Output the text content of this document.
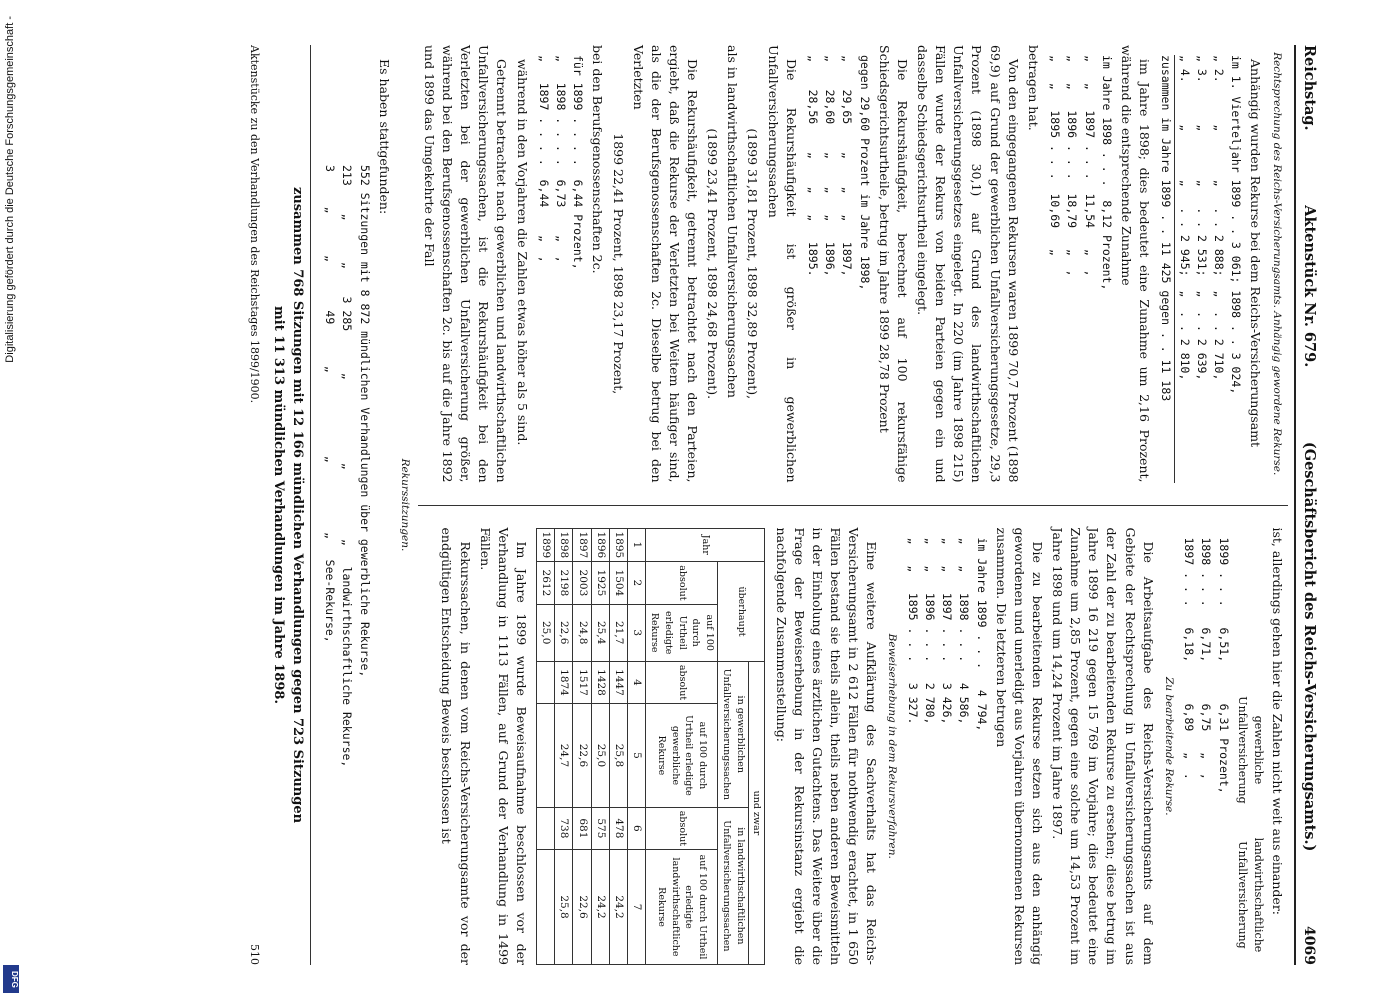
Digitalisierung gefördert durch die Deutsche Forschungsgemeinschaft -
DFG
Reichstag.
Aktenstück Nr. 679.
(Geschäftsbericht des Reichs-Versicherungsamts.)
4069

Rechtsprechung des Reichs-Versicherungsamts. Anhängig gewordene Rekurse.

Anhängig wurden Rekurse bei dem Reichs-Versicherungsamt

im 1. Vierteljahr 1899 . . 3 061; 1898 . . 3 024,
„ 2.      „       „   . . 2 888;  „  . . 2 710,
„ 3.      „       „   . . 2 531;  „  . . 2 639,
„ 4.      „       „   . . 2 945;  „  . . 2 810,
zusammen im Jahre 1899 . . 11 425 gegen . . 11 183

im Jahre 1898; dies bedeutet eine Zunahme um 2,16 Prozent, während die entsprechende Zunahme

im Jahre 1898 . . .  8,12 Prozent,
„   „   1897 . . .  11,54   „  ,
„   „   1896 . . .  18,79   „  ,
„   „   1895 . . .  10,69   „

betragen hat.

Von den eingegangenen Rekursen waren 1899 70,7 Prozent (1898 69,9) auf Grund der gewerblichen Unfallversicherungsgesetze, 29,3 Prozent (1898 30,1) auf Grund des landwirthschaftlichen Unfallversicherungsgesetzes eingelegt. In 220 (im Jahre 1898 215) Fällen wurde der Rekurs von beiden Parteien gegen ein und dasselbe Schiedsgerichtsurtheil eingelegt.

Die Rekurshäufigkeit, berechnet auf 100 rekursfähige Schiedsgerichtsurtheile, betrug im Jahre 1899 28,78 Prozent

gegen 29,60 Prozent im Jahre 1898,
„    29,65    „    „   „   1897,
„    28,60    „    „   „   1896,
„    28,56    „    „   „   1895.

Die Rekurshäufigkeit ist größer in gewerblichen Unfallversicherungssachen

(1899 31,81 Prozent, 1898 32,89 Prozent),

als in landwirthschaftlichen Unfallversicherungssachen

(1899 23,41 Prozent, 1898 24,68 Prozent).

Die Rekurshäufigkeit, getrennt betrachtet nach den Parteien, ergiebt, daß die Rekurse der Verletzten bei Weitem häufiger sind, als die der Berufsgenossenschaften 2c. Dieselbe betrug bei den Verletzten

1899 22,41 Prozent, 1898 23,17 Prozent,

bei den Berufsgenossenschaften 2c.

für 1899 . . . .  6,44 Prozent,
„   1898 . . . .  6,73    „  ,
„   1897 . . . .  6,44    „  ,

während in den Vorjahren die Zahlen etwas höher als 5 sind.

Getrennt betrachtet nach gewerblichen und landwirthschaftlichen Unfallversicherungssachen, ist die Rekurshäufigkeit bei den Verletzten bei der gewerblichen Unfallversicherung größer, während bei den Berufsgenossenschaften 2c. bis auf die Jahre 1892 und 1899 das Umgekehrte der Fall

ist, allerdings gehen hier die Zahlen nicht weit aus einander:

gewerbliche Unfallversicherung
landwirthschaftliche Unfallversicherung
1899 . . .   6,51,      6,31 Prozent,
1898 . . .   6,71,      6,75   „  ,
1897 . . .   6,18,      6,89   „  .

Zu bearbeitende Rekurse.

Die Arbeitsaufgabe des Reichs-Versicherungsamts auf dem Gebiete der Rechtsprechung in Unfallversicherungssachen ist aus der Zahl der zu bearbeitenden Rekurse zu ersehen; diese betrug im Jahre 1899 16 219 gegen 15 769 im Vorjahre; dies bedeutet eine Zunahme um 2,85 Prozent, gegen eine solche um 14,53 Prozent im Jahre 1898 und um 14,24 Prozent im Jahre 1897.

Die zu bearbeitenden Rekurse setzen sich aus den anhängig gewordenen und unerledigt aus Vorjahren übernommenen Rekursen zusammen. Die letzteren betrugen

im Jahre 1899 . . .   4 794,
„   „   1898 . . .   4 586,
„   „   1897 . . .   3 426,
„   „   1896 . . .   2 780,
„   „   1895 . . .   3 327.

Beweiserhebung in dem Rekursverfahren.

Eine weitere Aufklärung des Sachverhalts hat das Reichs-Versicherungsamt in 2 612 Fällen für nothwendig erachtet, in 1 650 Fällen bestand sie theils allein, theils neben anderen Beweismitteln in der Einholung eines ärztlichen Gutachtens. Das Weitere über die Frage der Beweiserhebung in der Rekursinstanz ergiebt die nachfolgende Zusammenstellung:

Jahr	überhaupt		und zwar			
			in gewerblichen Unfallversicherungssachen		in landwirthschaftlichen Unfallversicherungssachen	
	absolut	auf 100 durch Urtheil erledigte Rekurse	absolut	auf 100 durch Urtheil erledigte gewerbliche Rekurse	absolut	auf 100 durch Urtheil erledigte landwirthschaftliche Rekurse
1	2	3	4	5	6	7
1895	1504	21,7	1447	25,8	478	24,2
1896	1925	25,4	1428	25,0	575	24,2
1897	2003	24,8	1517	22,6	681	22,6
1898	2198	22,6	1874	24,7	738	25,8
1899	2612	25,0				

Im Jahre 1899 wurde Beweisaufnahme beschlossen vor der Verhandlung in 1113 Fällen, auf Grund der Verhandlung in 1499 Fällen.

Rekurssachen, in denen vom Reichs-Versicherungsamte vor der endgültigen Entscheidung Beweis beschlossen ist

Rekurssitzungen.

Es haben stattgefunden:

552 Sitzungen mit 8 872 mündlichen Verhandlungen über gewerbliche Rekurse,
213    „      „    3 285      „            „          „   landwirthschaftliche Rekurse,
3     „      „       49      „            „          „   See-Rekurse,
zusammen 768 Sitzungen mit 12 166 mündlichen Verhandlungen gegen 723 Sitzungen
mit 11 313 mündlichen Verhandlungen im Jahre 1898.
Aktenstücke zu den Verhandlungen des Reichstages 1899/1900.
510
